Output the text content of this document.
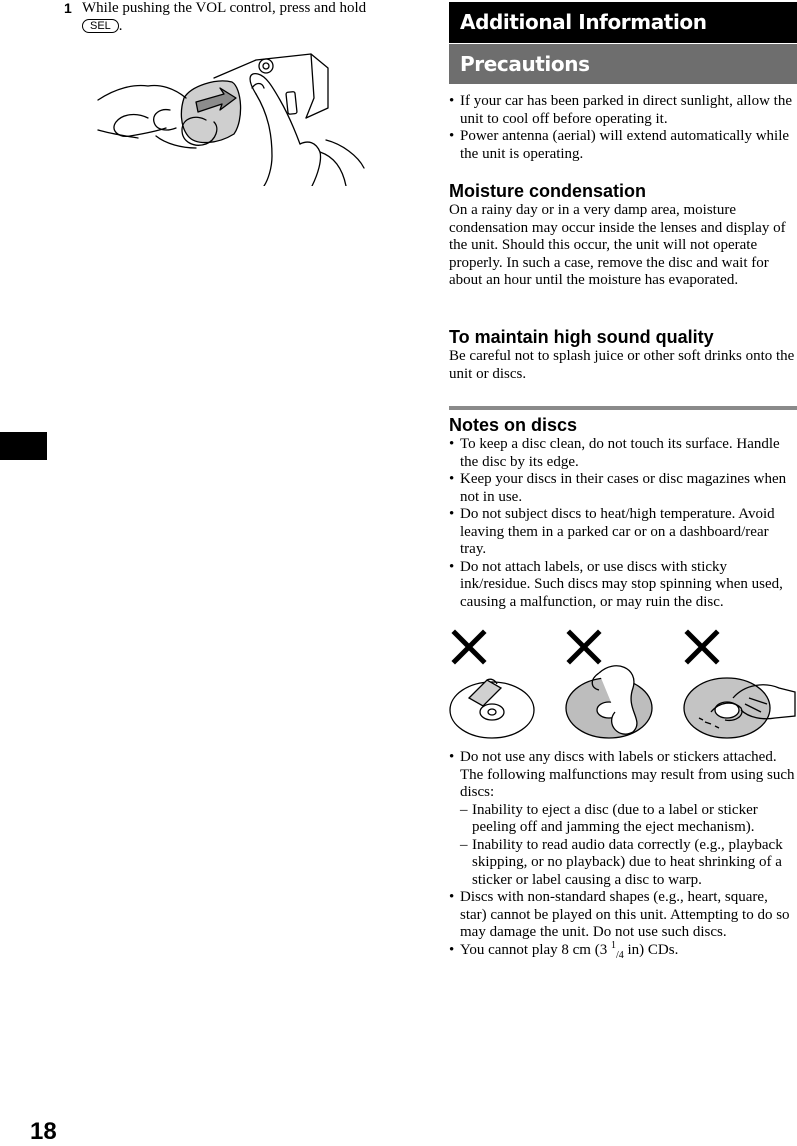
1 While pushing the VOL control, press and hold SEL .
18
Additional Information
Precautions
• If your car has been parked in direct sunlight, allow the unit to cool off before operating it.
• Power antenna (aerial) will extend automatically while the unit is operating.
Moisture condensation

On a rainy day or in a very damp area, moisture condensation may occur inside the lenses and display of the unit. Should this occur, the unit will not operate properly. In such a case, remove the disc and wait for about an hour until the moisture has evaporated.

To maintain high sound quality

Be careful not to splash juice or other soft drinks onto the unit or discs.

Notes on discs
• To keep a disc clean, do not touch its surface. Handle the disc by its edge.
• Keep your discs in their cases or disc magazines when not in use.
• Do not subject discs to heat/high temperature. Avoid leaving them in a parked car or on a dashboard/rear tray.
• Do not attach labels, or use discs with sticky ink/residue. Such discs may stop spinning when used, causing a malfunction, or may ruin the disc.
• Do not use any discs with labels or stickers attached.
The following malfunctions may result from using such discs:
– Inability to eject a disc (due to a label or sticker peeling off and jamming the eject mechanism).
– Inability to read audio data correctly (e.g., playback skipping, or no playback) due to heat shrinking of a sticker or label causing a disc to warp.
• Discs with non-standard shapes (e.g., heart, square, star) cannot be played on this unit. Attempting to do so may damage the unit. Do not use such discs.
• You cannot play 8 cm (3 $^1_{/4}$ in) CDs.
